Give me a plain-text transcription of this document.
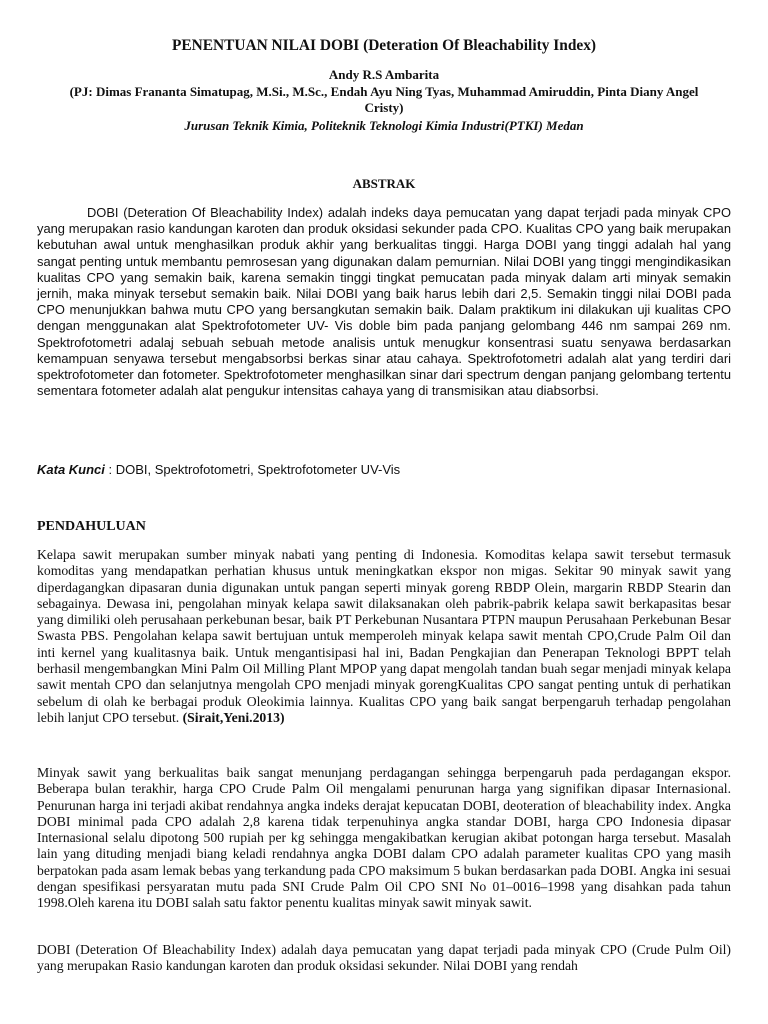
PENENTUAN NILAI DOBI (Deteration Of Bleachability Index)
Andy R.S Ambarita
(PJ: Dimas Frananta Simatupag, M.Si., M.Sc., Endah Ayu Ning Tyas, Muhammad Amiruddin, Pinta Diany Angel Cristy)
Jurusan Teknik Kimia, Politeknik Teknologi Kimia Industri(PTKI) Medan
ABSTRAK

DOBI (Deteration Of Bleachability Index) adalah indeks daya pemucatan yang dapat terjadi pada minyak CPO yang merupakan rasio kandungan karoten dan produk oksidasi sekunder pada CPO. Kualitas CPO yang baik merupakan kebutuhan awal untuk menghasilkan produk akhir yang berkualitas tinggi. Harga DOBI yang tinggi adalah hal yang sangat penting untuk membantu pemrosesan yang digunakan dalam pemurnian. Nilai DOBI yang tinggi mengindikasikan kualitas CPO yang semakin baik, karena semakin tinggi tingkat pemucatan pada minyak dalam arti minyak semakin jernih, maka minyak tersebut semakin baik. Nilai DOBI yang baik harus lebih dari 2,5. Semakin tinggi nilai DOBI pada CPO menunjukkan bahwa mutu CPO yang bersangkutan semakin baik. Dalam praktikum ini dilakukan uji kualitas CPO dengan menggunakan alat Spektrofotometer UV- Vis doble bim pada panjang gelombang 446 nm sampai 269 nm. Spektrofotometri adalaj sebuah sebuah metode analisis untuk menugkur konsentrasi suatu senyawa berdasarkan kemampuan senyawa tersebut mengabsorbsi berkas sinar atau cahaya. Spektrofotometri adalah alat yang terdiri dari spektrofotometer dan fotometer. Spektrofotometer menghasilkan sinar dari spectrum dengan panjang gelombang tertentu sementara fotometer adalah alat pengukur intensitas cahaya yang di transmisikan atau diabsorbsi.

Kata Kunci : DOBI, Spektrofotometri, Spektrofotometer UV-Vis

PENDAHULUAN

Kelapa sawit merupakan sumber minyak nabati yang penting di Indonesia. Komoditas kelapa sawit tersebut termasuk komoditas yang mendapatkan perhatian khusus untuk meningkatkan ekspor non migas. Sekitar 90 minyak sawit yang diperdagangkan dipasaran dunia digunakan untuk pangan seperti minyak goreng RBDP Olein, margarin RBDP Stearin dan sebagainya. Dewasa ini, pengolahan minyak kelapa sawit dilaksanakan oleh pabrik-pabrik kelapa sawit berkapasitas besar yang dimiliki oleh perusahaan perkebunan besar, baik PT Perkebunan Nusantara PTPN maupun Perusahaan Perkebunan Besar Swasta PBS. Pengolahan kelapa sawit bertujuan untuk memperoleh minyak kelapa sawit mentah CPO,Crude Palm Oil dan inti kernel yang kualitasnya baik. Untuk mengantisipasi hal ini, Badan Pengkajian dan Penerapan Teknologi BPPT telah berhasil mengembangkan Mini Palm Oil Milling Plant MPOP yang dapat mengolah tandan buah segar menjadi minyak kelapa sawit mentah CPO dan selanjutnya mengolah CPO menjadi minyak gorengKualitas CPO sangat penting untuk di perhatikan sebelum di olah ke berbagai produk Oleokimia lainnya. Kualitas CPO yang baik sangat berpengaruh terhadap pengolahan lebih lanjut CPO tersebut. (Sirait,Yeni.2013)

Minyak sawit yang berkualitas baik sangat menunjang perdagangan sehingga berpengaruh pada perdagangan ekspor. Beberapa bulan terakhir, harga CPO Crude Palm Oil mengalami penurunan harga yang signifikan dipasar Internasional. Penurunan harga ini terjadi akibat rendahnya angka indeks derajat kepucatan DOBI, deoteration of bleachability index. Angka DOBI minimal pada CPO adalah 2,8 karena tidak terpenuhinya angka standar DOBI, harga CPO Indonesia dipasar Internasional selalu dipotong 500 rupiah per kg sehingga mengakibatkan kerugian akibat potongan harga tersebut. Masalah lain yang dituding menjadi biang keladi rendahnya angka DOBI dalam CPO adalah parameter kualitas CPO yang masih berpatokan pada asam lemak bebas yang terkandung pada CPO maksimum 5 bukan berdasarkan pada DOBI. Angka ini sesuai dengan spesifikasi persyaratan mutu pada SNI Crude Palm Oil CPO SNI No 01–0016–1998 yang disahkan pada tahun 1998.Oleh karena itu DOBI salah satu faktor penentu kualitas minyak sawit minyak sawit.

DOBI (Deteration Of Bleachability Index) adalah daya pemucatan yang dapat terjadi pada minyak CPO (Crude Pulm Oil) yang merupakan Rasio kandungan karoten dan produk oksidasi sekunder. Nilai DOBI yang rendah
